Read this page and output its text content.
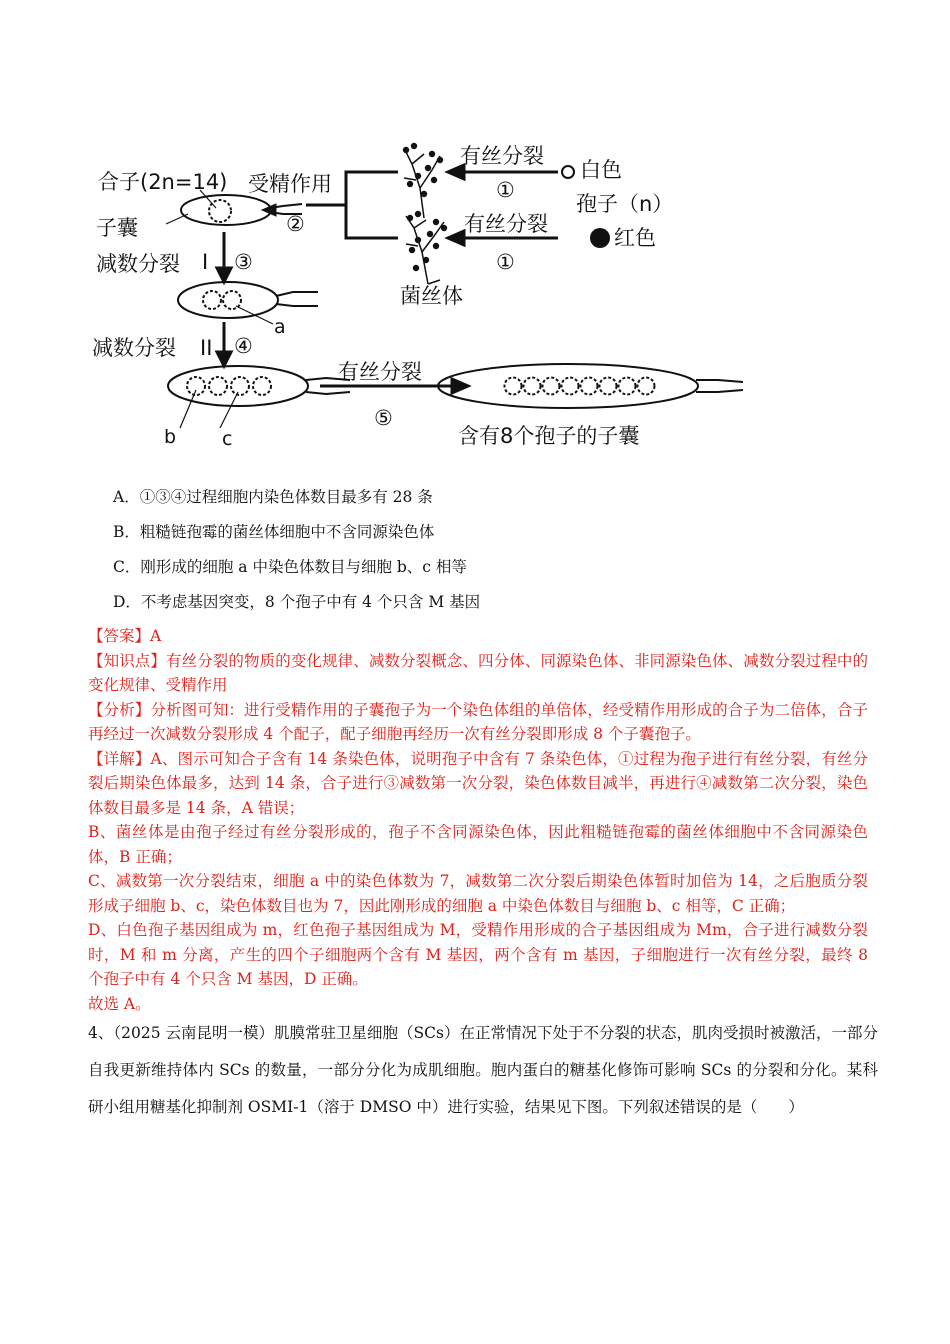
合子(2n=14) 受精作用
②
子囊
减数分裂 I ③
a
减数分裂 II ④
b c
有丝分裂
⑤
含有8个孢子的子囊
有丝分裂
①
有丝分裂
①
白色
孢子（n）
红色
菌丝体
A．①③④过程细胞内染色体数目最多有 28 条
B．粗糙链孢霉的菌丝体细胞中不含同源染色体
C．刚形成的细胞 a 中染色体数目与细胞 b、c 相等
D．不考虑基因突变，8 个孢子中有 4 个只含 M 基因

【答案】A

【知识点】有丝分裂的物质的变化规律、减数分裂概念、四分体、同源染色体、非同源染色体、减数分裂过程中的变化规律、受精作用

【分析】分析图可知：进行受精作用的子囊孢子为一个染色体组的单倍体，经受精作用形成的合子为二倍体，合子再经过一次减数分裂形成 4 个配子，配子细胞再经历一次有丝分裂即形成 8 个子囊孢子。

【详解】A、图示可知合子含有 14 条染色体，说明孢子中含有 7 条染色体，①过程为孢子进行有丝分裂，有丝分裂后期染色体最多，达到 14 条，合子进行③减数第一次分裂，染色体数目减半，再进行④减数第二次分裂，染色体数目最多是 14 条，A 错误；

B、菌丝体是由孢子经过有丝分裂形成的，孢子不含同源染色体，因此粗糙链孢霉的菌丝体细胞中不含同源染色体，B 正确；

C、减数第一次分裂结束，细胞 a 中的染色体数为 7，减数第二次分裂后期染色体暂时加倍为 14，之后胞质分裂形成子细胞 b、c，染色体数目也为 7，因此刚形成的细胞 a 中染色体数目与细胞 b、c 相等，C 正确；

D、白色孢子基因组成为 m，红色孢子基因组成为 M，受精作用形成的合子基因组成为 Mm，合子进行减数分裂时，M 和 m 分离，产生的四个子细胞两个含有 M 基因，两个含有 m 基因，子细胞进行一次有丝分裂，最终 8 个孢子中有 4 个只含 M 基因，D 正确。

故选 A。

4、（2025 云南昆明一模）肌膜常驻卫星细胞（SCs）在正常情况下处于不分裂的状态，肌肉受损时被激活，一部分自我更新维持体内 SCs 的数量，一部分分化为成肌细胞。胞内蛋白的糖基化修饰可影响 SCs 的分裂和分化。某科研小组用糖基化抑制剂 OSMI-1（溶于 DMSO 中）进行实验，结果见下图。下列叙述错误的是（　　）
